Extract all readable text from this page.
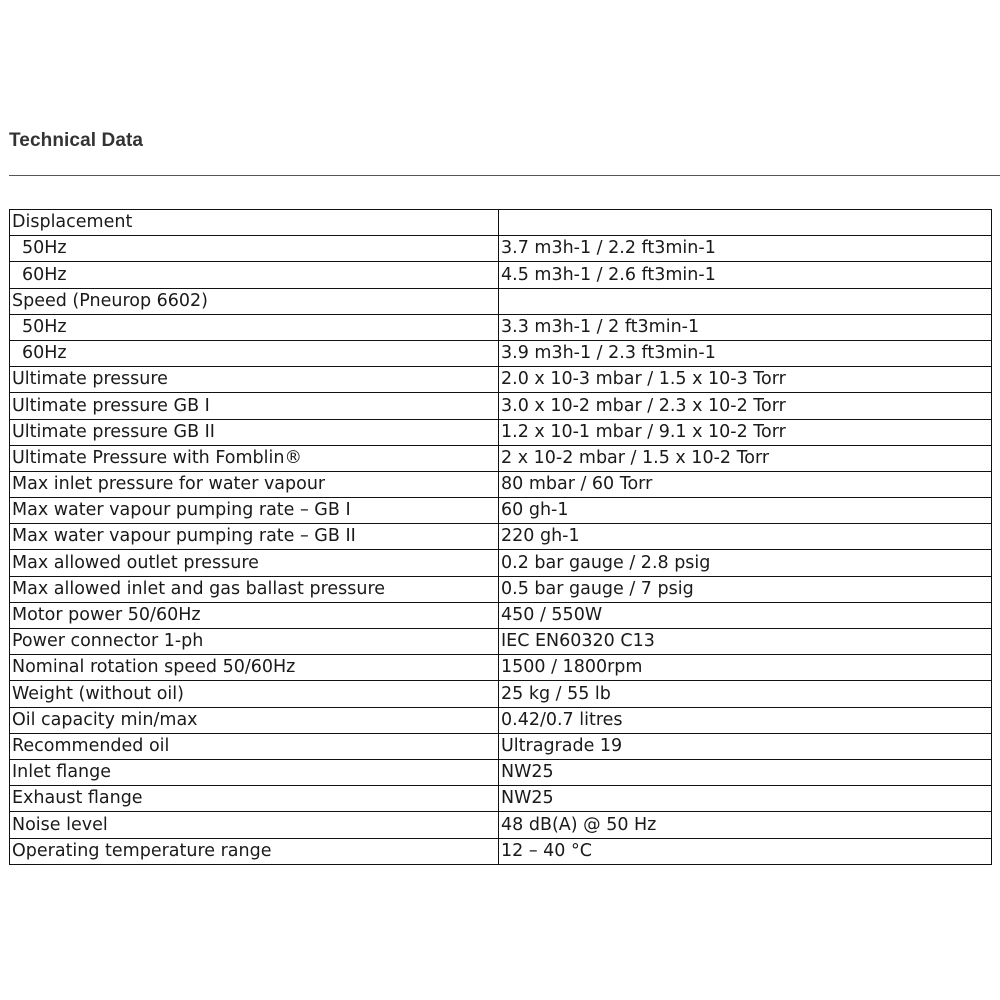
Technical Data
Displacement	
50Hz	3.7 m3h-1 / 2.2 ft3min-1
60Hz	4.5 m3h-1 / 2.6 ft3min-1
Speed (Pneurop 6602)	
50Hz	3.3 m3h-1 / 2 ft3min-1
60Hz	3.9 m3h-1 / 2.3 ft3min-1
Ultimate pressure	2.0 x 10-3 mbar / 1.5 x 10-3 Torr
Ultimate pressure GB I	3.0 x 10-2 mbar / 2.3 x 10-2 Torr
Ultimate pressure GB II	1.2 x 10-1 mbar / 9.1 x 10-2 Torr
Ultimate Pressure with Fomblin®	2 x 10-2 mbar / 1.5 x 10-2 Torr
Max inlet pressure for water vapour	80 mbar / 60 Torr
Max water vapour pumping rate – GB I	60 gh-1
Max water vapour pumping rate – GB II	220 gh-1
Max allowed outlet pressure	0.2 bar gauge / 2.8 psig
Max allowed inlet and gas ballast pressure	0.5 bar gauge / 7 psig
Motor power 50/60Hz	450 / 550W
Power connector 1-ph	IEC EN60320 C13
Nominal rotation speed 50/60Hz	1500 / 1800rpm
Weight (without oil)	25 kg / 55 lb
Oil capacity min/max	0.42/0.7 litres
Recommended oil	Ultragrade 19
Inlet flange	NW25
Exhaust flange	NW25
Noise level	48 dB(A) @ 50 Hz
Operating temperature range	12 – 40 °C
